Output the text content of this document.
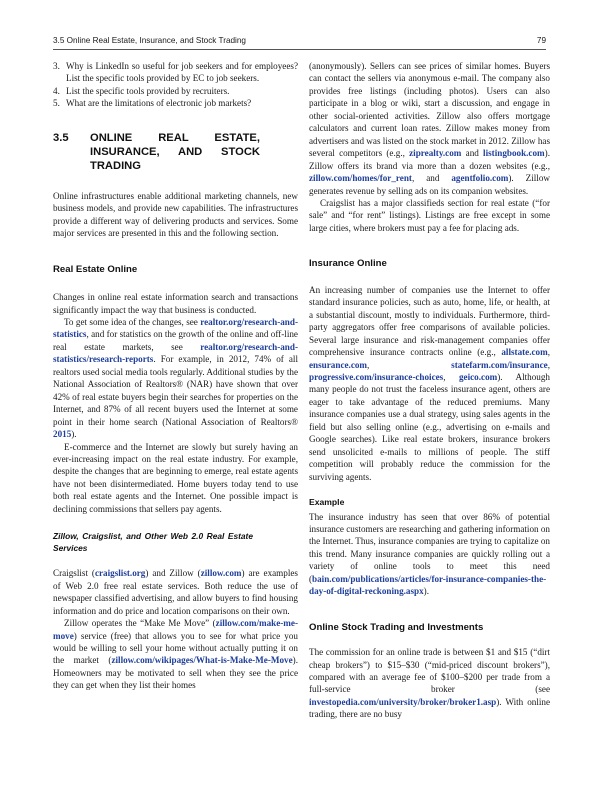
3.5 Online Real Estate, Insurance, and Stock Trading	79
3. Why is LinkedIn so useful for job seekers and for employees? List the specific tools provided by EC to job seekers.
4. List the specific tools provided by recruiters.
5. What are the limitations of electronic job markets?
3.5	ONLINE REAL ESTATE, INSURANCE, AND STOCK TRADING

Online infrastructures enable additional marketing channels, new business models, and provide new capabilities. The infrastructures provide a different way of delivering products and services. Some major services are presented in this and the following section.

Real Estate Online

Changes in online real estate information search and transactions significantly impact the way that business is conducted.

To get some idea of the changes, see realtor.org/research-and-statistics, and for statistics on the growth of the online and off-line real estate markets, see realtor.org/research-and-statistics/research-reports. For example, in 2012, 74% of all realtors used social media tools regularly. Additional studies by the National Association of Realtors® (NAR) have shown that over 42% of real estate buyers begin their searches for properties on the Internet, and 87% of all recent buyers used the Internet at some point in their home search (National Association of Realtors® 2015).

E-commerce and the Internet are slowly but surely having an ever-increasing impact on the real estate industry. For example, despite the changes that are beginning to emerge, real estate agents have not been disintermediated. Home buyers today tend to use both real estate agents and the Internet. One possible impact is declining commissions that sellers pay agents.

Zillow, Craigslist, and Other Web 2.0 Real Estate Services

Craigslist (craigslist.org) and Zillow (zillow.com) are examples of Web 2.0 free real estate services. Both reduce the use of newspaper classified advertising, and allow buyers to find housing information and do price and location comparisons on their own.

Zillow operates the “Make Me Move” (zillow.com/make-me-move) service (free) that allows you to see for what price you would be willing to sell your home without actually putting it on the market (zillow.com/wikipages/What-is-Make-Me-Move). Homeowners may be motivated to sell when they see the price they can get when they list their homes

(anonymously). Sellers can see prices of similar homes. Buyers can contact the sellers via anonymous e-mail. The company also provides free listings (including photos). Users can also participate in a blog or wiki, start a discussion, and engage in other social-oriented activities. Zillow also offers mortgage calculators and current loan rates. Zillow makes money from advertisers and was listed on the stock market in 2012. Zillow has several competitors (e.g., ziprealty.com and listingbook.com). Zillow offers its brand via more than a dozen websites (e.g., zillow.com/homes/for_rent, and agentfolio.com). Zillow generates revenue by selling ads on its companion websites.

Craigslist has a major classifieds section for real estate (“for sale” and “for rent” listings). Listings are free except in some large cities, where brokers must pay a fee for placing ads.

Insurance Online

An increasing number of companies use the Internet to offer standard insurance policies, such as auto, home, life, or health, at a substantial discount, mostly to individuals. Furthermore, third-party aggregators offer free comparisons of available policies. Several large insurance and risk-management companies offer comprehensive insurance contracts online (e.g., allstate.com, ensurance.com, statefarm.com/insurance, progressive.com/insurance-choices, geico.com). Although many people do not trust the faceless insurance agent, others are eager to take advantage of the reduced premiums. Many insurance companies use a dual strategy, using sales agents in the field but also selling online (e.g., advertising on e-mails and Google searches). Like real estate brokers, insurance brokers send unsolicited e-mails to millions of people. The stiff competition will probably reduce the commission for the surviving agents.

Example

The insurance industry has seen that over 86% of potential insurance customers are researching and gathering information on the Internet. Thus, insurance companies are trying to capitalize on this trend. Many insurance companies are quickly rolling out a variety of online tools to meet this need (bain.com/publications/articles/for-insurance-companies-the-day-of-digital-reckoning.aspx).

Online Stock Trading and Investments

The commission for an online trade is between $1 and $15 (“dirt cheap brokers”) to $15–$30 (“mid-priced discount brokers”), compared with an average fee of $100–$200 per trade from a full-service broker (see investopedia.com/university/broker/broker1.asp). With online trading, there are no busy
